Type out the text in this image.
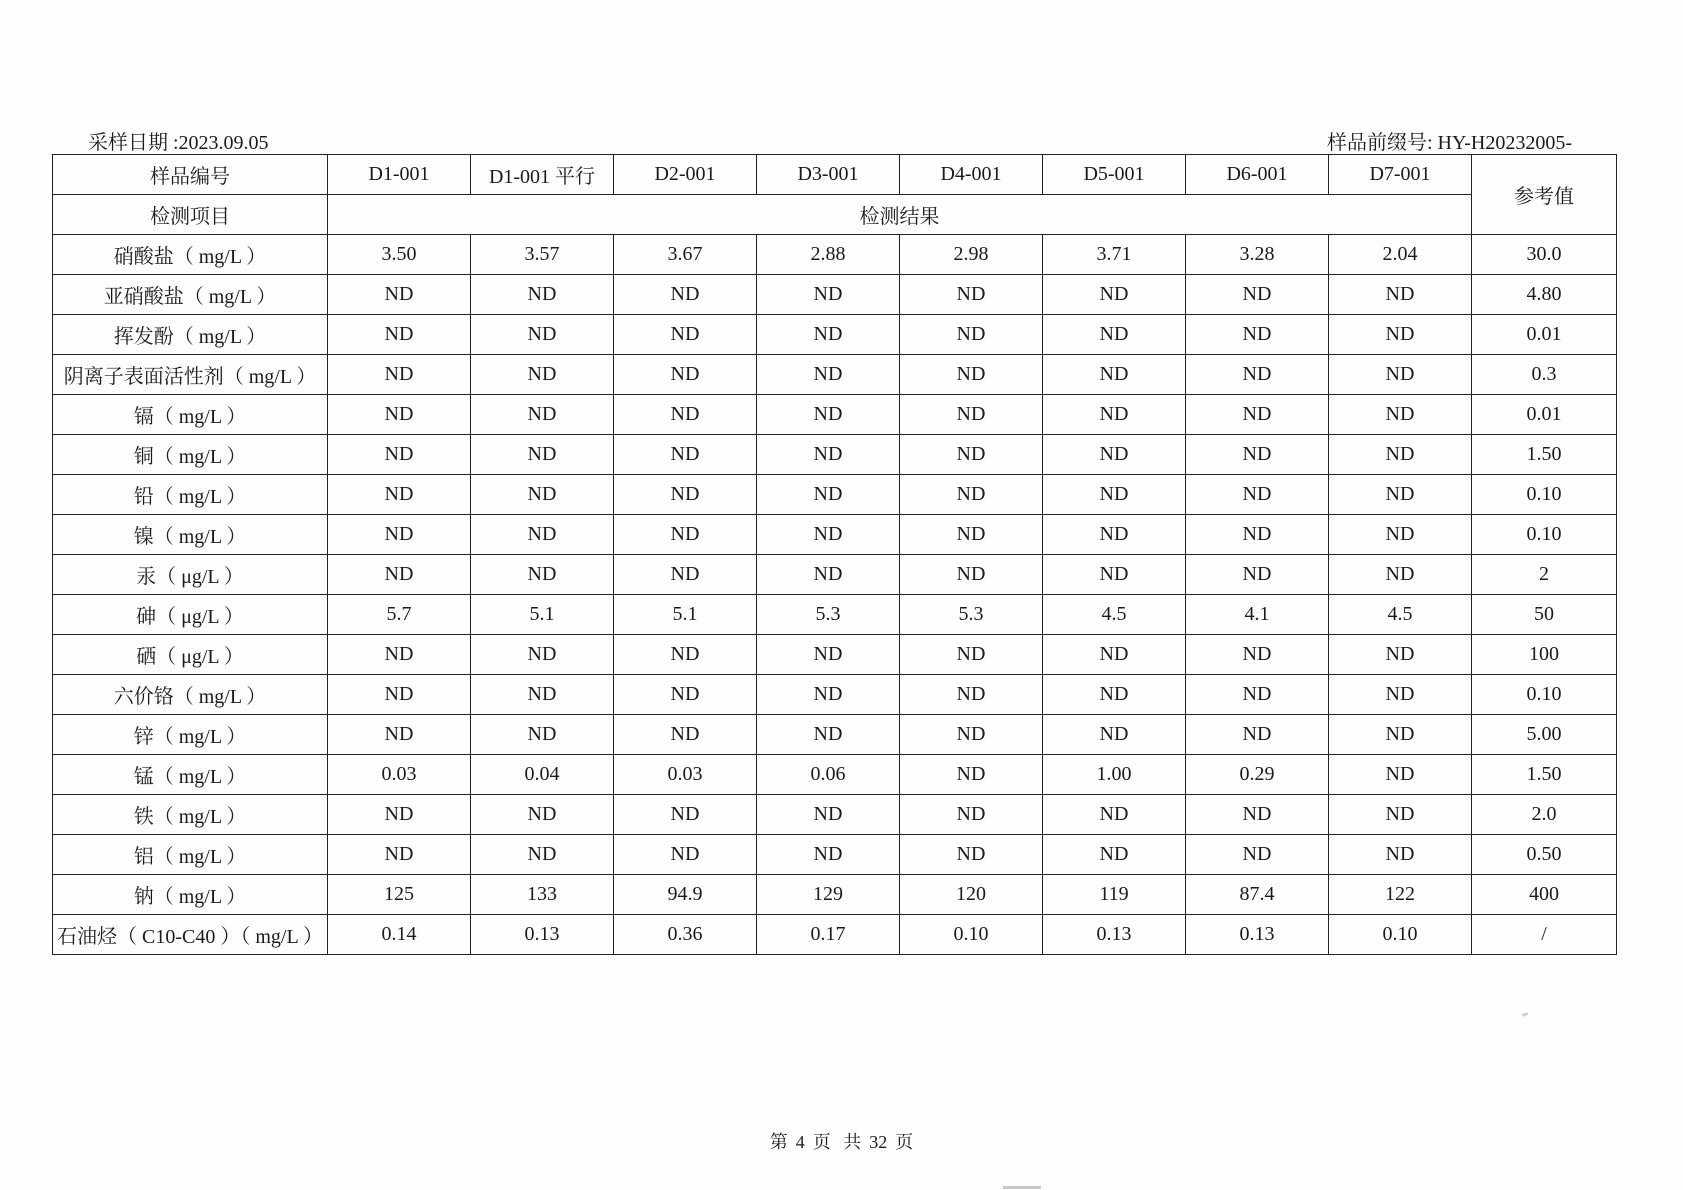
采样日期 :2023.09.05	样品前缀号: HY-H20232005-
样品编号	D1-001	D1-001 平行	D2-001	D3-001	D4-001	D5-001	D6-001	D7-001	参考值
检测项目	检测结果								
硝酸盐（ mg/L ）	3.50	3.57	3.67	2.88	2.98	3.71	3.28	2.04	30.0
亚硝酸盐（ mg/L ）	ND	ND	ND	ND	ND	ND	ND	ND	4.80
挥发酚（ mg/L ）	ND	ND	ND	ND	ND	ND	ND	ND	0.01
阴离子表面活性剂（ mg/L ）	ND	ND	ND	ND	ND	ND	ND	ND	0.3
镉（ mg/L ）	ND	ND	ND	ND	ND	ND	ND	ND	0.01
铜（ mg/L ）	ND	ND	ND	ND	ND	ND	ND	ND	1.50
铅（ mg/L ）	ND	ND	ND	ND	ND	ND	ND	ND	0.10
镍（ mg/L ）	ND	ND	ND	ND	ND	ND	ND	ND	0.10
汞（ μg/L ）	ND	ND	ND	ND	ND	ND	ND	ND	2
砷（ μg/L ）	5.7	5.1	5.1	5.3	5.3	4.5	4.1	4.5	50
硒（ μg/L ）	ND	ND	ND	ND	ND	ND	ND	ND	100
六价铬（ mg/L ）	ND	ND	ND	ND	ND	ND	ND	ND	0.10
锌（ mg/L ）	ND	ND	ND	ND	ND	ND	ND	ND	5.00
锰（ mg/L ）	0.03	0.04	0.03	0.06	ND	1.00	0.29	ND	1.50
铁（ mg/L ）	ND	ND	ND	ND	ND	ND	ND	ND	2.0
铝（ mg/L ）	ND	ND	ND	ND	ND	ND	ND	ND	0.50
钠（ mg/L ）	125	133	94.9	129	120	119	87.4	122	400
石油烃（ C10-C40 ）（ mg/L ）	0.14	0.13	0.36	0.17	0.10	0.13	0.13	0.10	/
第 4 页 共 32 页
